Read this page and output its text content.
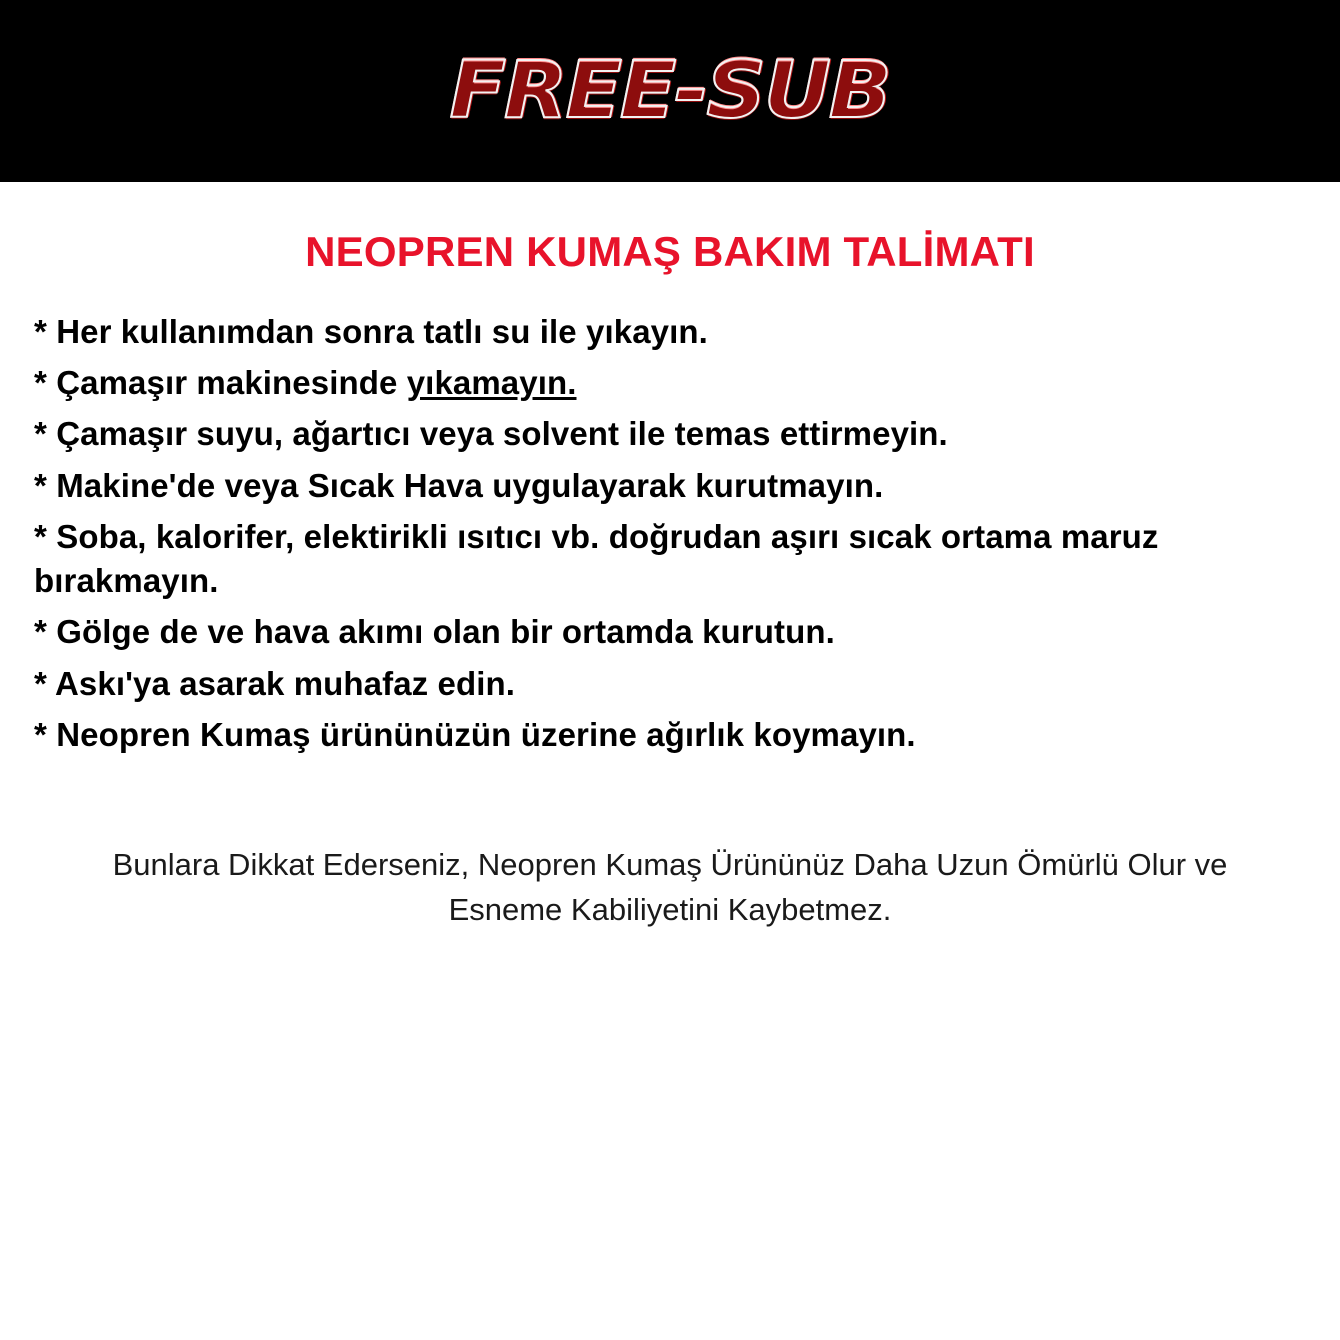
FREE-SUB
NEOPREN KUMAŞ BAKIM TALİMATI
* Her kullanımdan sonra tatlı su ile yıkayın.
* Çamaşır makinesinde yıkamayın.
* Çamaşır suyu, ağartıcı veya solvent ile temas ettirmeyin.
* Makine'de veya Sıcak Hava uygulayarak kurutmayın.
* Soba, kalorifer, elektirikli ısıtıcı vb. doğrudan aşırı sıcak ortama maruz bırakmayın.
* Gölge de ve hava akımı olan bir ortamda kurutun.
* Askı'ya asarak muhafaz edin.
* Neopren Kumaş ürününüzün üzerine ağırlık koymayın.

Bunlara Dikkat Ederseniz, Neopren Kumaş Ürününüz Daha Uzun Ömürlü Olur ve Esneme Kabiliyetini Kaybetmez.
